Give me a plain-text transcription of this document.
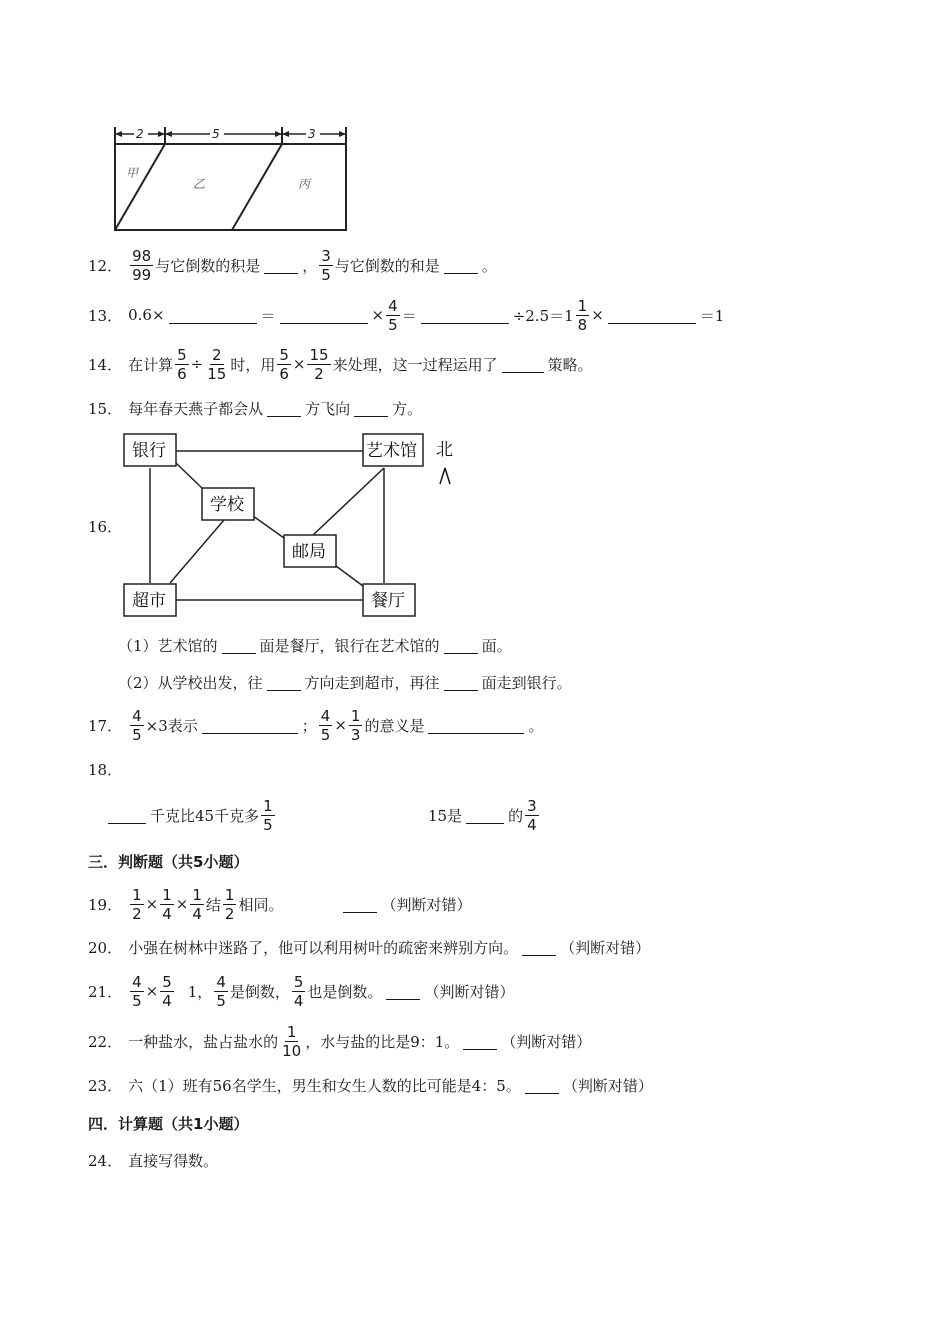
2	5	3
甲
乙	丙
12． $\frac{98}{99}$ 与它倒数的积是	， $\frac{3}{5}$ 与它倒数的和是	。
13． 0.6×	＝	× $\frac{4}{5}$ ＝	$\div 2.5=1 \frac{1}{8}$ ×	＝1
14． 在计算 $\frac{5}{6} \div \frac{2}{15}$ 时，用 $\frac{5}{6} \times \frac{15}{2}$ 来处理，这一过程运用了	策略。
15． 每年春天燕子都会从	方飞向	方。
16．
银行	艺术馆
学校
邮局
超市	餐厅
北
（1）艺术馆的	面是餐厅，银行在艺术馆的	面。
（2）从学校出发，往	方向走到超市，再往	面走到银行。
17． $\frac{4}{5} \times 3$表示	； $\frac{4}{5} \times \frac{1}{3}$ 的意义是	。
18．
千克比45千克多 $\frac{1}{5}$	15是	的 $\frac{3}{4}$
三．判断题（共5小题）
19． $\frac{1}{2} \times \frac{1}{4} \times \frac{1}{4}$ 结 $\frac{1}{2}$ 相同。	（判断对错）
20． 小强在树林中迷路了，他可以利用树叶的疏密来辨别方向。	（判断对错）
21． $\frac{4}{5} \times \frac{5}{4} 1$， $\frac{4}{5}$ 是倒数， $\frac{5}{4}$ 也是倒数。	（判断对错）
22． 一种盐水，盐占盐水的 $\frac{1}{10}$ ，水与盐的比是9：1。	（判断对错）
23． 六（1）班有56名学生，男生和女生人数的比可能是4：5。	（判断对错）
四．计算题（共1小题）
24． 直接写得数。
